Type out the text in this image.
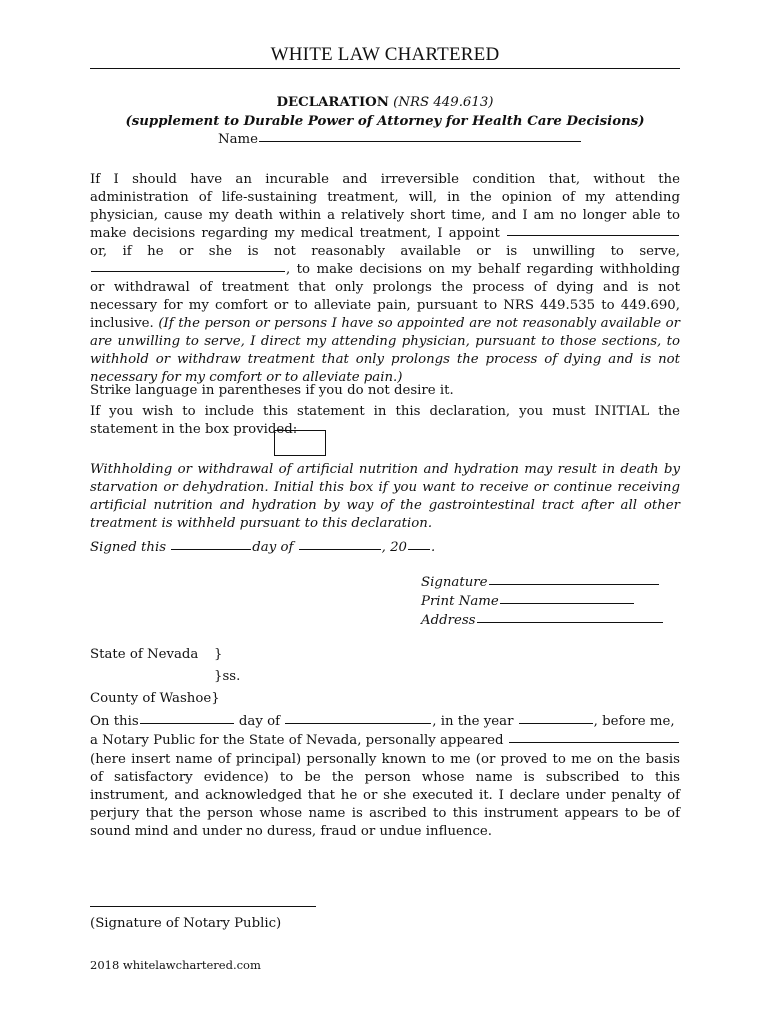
WHITE LAW CHARTERED
DECLARATION (NRS 449.613)
(supplement to Durable Power of Attorney for Health Care Decisions)
Name
If I should have an incurable and irreversible condition that, without the administration of life-sustaining treatment, will, in the opinion of my attending physician, cause my death within a relatively short time, and I am no longer able to make decisions regarding my medical treatment, I appoint  or, if he or she is not reasonably available or is unwilling to serve, , to make decisions on my behalf regarding withholding or withdrawal of treatment that only prolongs the process of dying and is not necessary for my comfort or to alleviate pain, pursuant to NRS 449.535 to 449.690, inclusive. (If the person or persons I have so appointed are not reasonably available or are unwilling to serve, I direct my attending physician, pursuant to those sections, to withhold or withdraw treatment that only prolongs the process of dying and is not necessary for my comfort or to alleviate pain.)
Strike language in parentheses if you do not desire it.
If you wish to include this statement in this declaration, you must INITIAL the statement in the box provided:
Withholding or withdrawal of artificial nutrition and hydration may result in death by starvation or dehydration. Initial this box if you want to receive or continue receiving artificial nutrition and hydration by way of the gastrointestinal tract after all other treatment is withheld pursuant to this declaration.
Signed this	day of	, 20 .
Signature
Print Name
Address
State of Nevada }
}ss.
County of Washoe}
On this	day of	, in the year	, before me,
a Notary Public for the State of Nevada, personally appeared
(here insert name of principal) personally known to me (or proved to me on the basis of satisfactory evidence) to be the person whose name is subscribed to this instrument, and acknowledged that he or she executed it. I declare under penalty of perjury that the person whose name is ascribed to this instrument appears to be of sound mind and under no duress, fraud or undue influence.
(Signature of Notary Public)
2018 whitelawchartered.com
